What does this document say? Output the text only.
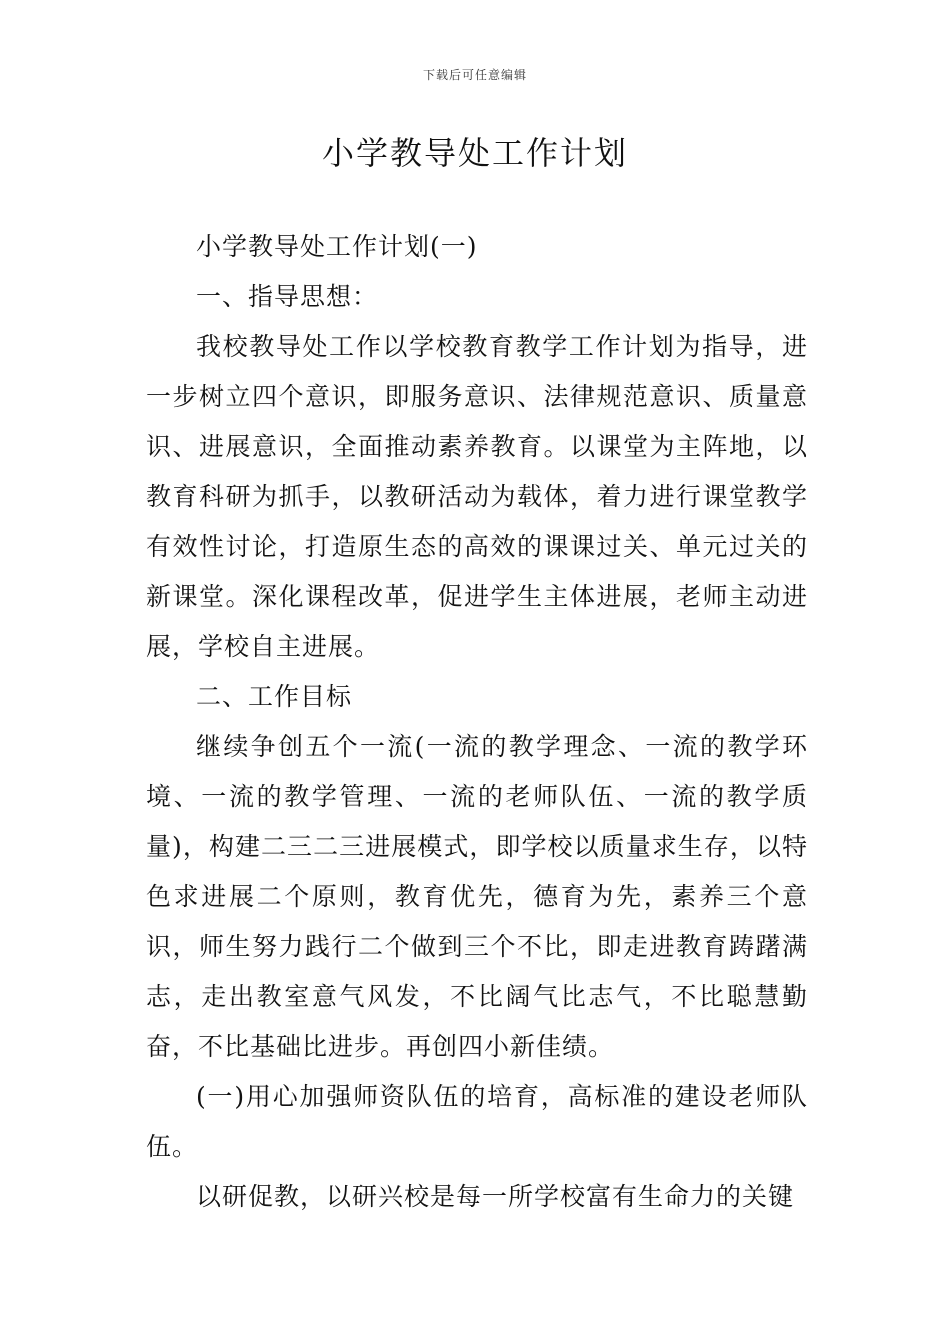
下载后可任意编辑
小学教导处工作计划

小学教导处工作计划(一)

一、指导思想：

我校教导处工作以学校教育教学工作计划为指导，进一步树立四个意识，即服务意识、法律规范意识、质量意识、进展意识，全面推动素养教育。以课堂为主阵地，以教育科研为抓手，以教研活动为载体，着力进行课堂教学有效性讨论，打造原生态的高效的课课过关、单元过关的新课堂。深化课程改革，促进学生主体进展，老师主动进展，学校自主进展。

二、工作目标

继续争创五个一流(一流的教学理念、一流的教学环境、一流的教学管理、一流的老师队伍、一流的教学质量)，构建二三二三进展模式，即学校以质量求生存，以特色求进展二个原则，教育优先，德育为先，素养三个意识，师生努力践行二个做到三个不比，即走进教育踌躇满志，走出教室意气风发，不比阔气比志气，不比聪慧勤奋，不比基础比进步。再创四小新佳绩。

(一)用心加强师资队伍的培育，高标准的建设老师队伍。

以研促教，以研兴校是每一所学校富有生命力的关键
